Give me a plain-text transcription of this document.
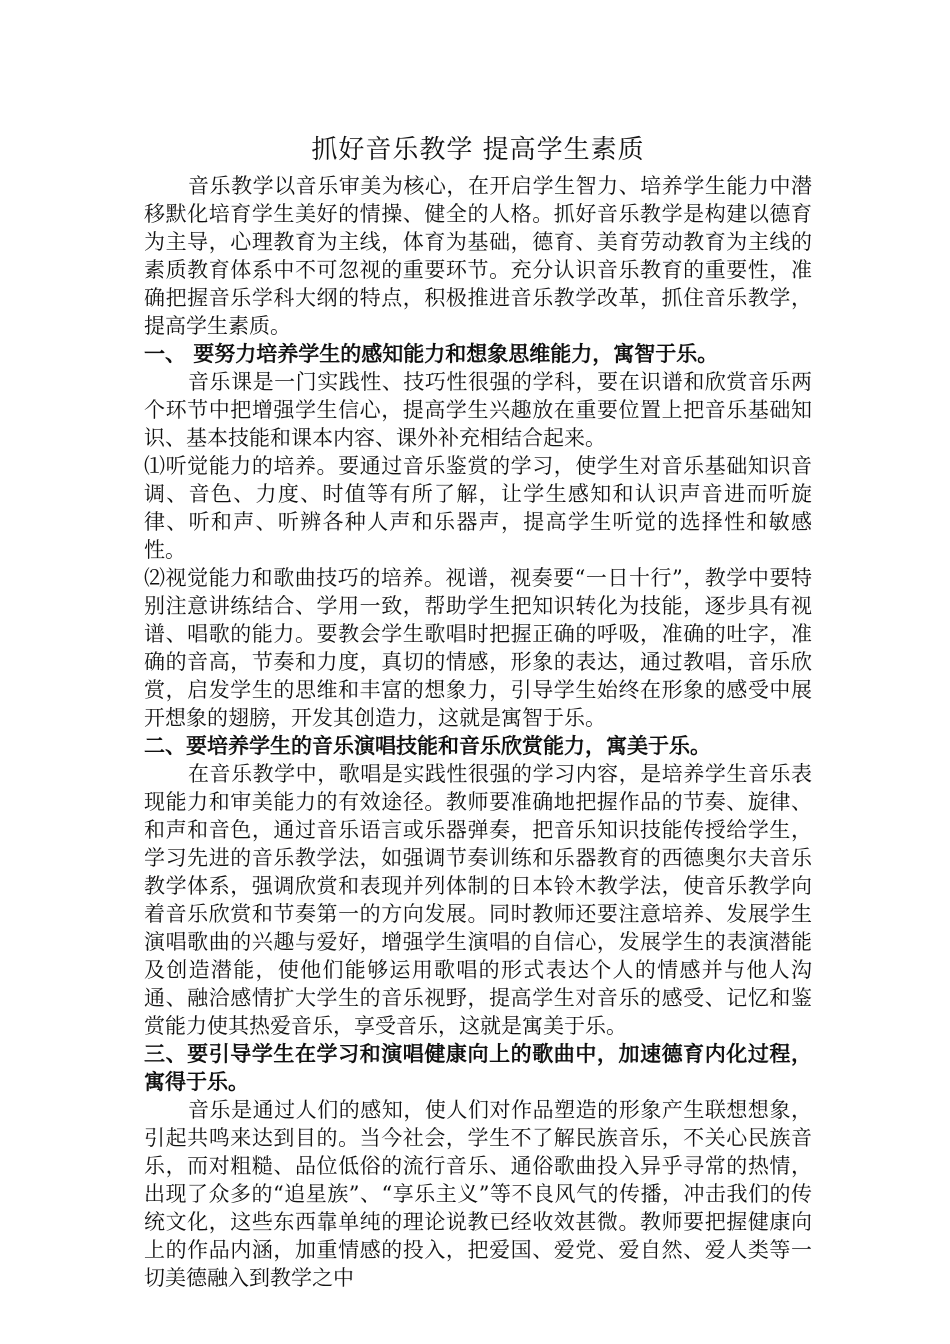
抓好音乐教学 提高学生素质

音乐教学以音乐审美为核心，在开启学生智力、培养学生能力中潜移默化培育学生美好的情操、健全的人格。抓好音乐教学是构建以德育为主导，心理教育为主线，体育为基础，德育、美育劳动教育为主线的素质教育体系中不可忽视的重要环节。充分认识音乐教育的重要性，准确把握音乐学科大纲的特点，积极推进音乐教学改革，抓住音乐教学，提高学生素质。

一、 要努力培养学生的感知能力和想象思维能力，寓智于乐。

音乐课是一门实践性、技巧性很强的学科，要在识谱和欣赏音乐两个环节中把增强学生信心，提高学生兴趣放在重要位置上把音乐基础知识、基本技能和课本内容、课外补充相结合起来。

⑴听觉能力的培养。要通过音乐鉴赏的学习，使学生对音乐基础知识音调、音色、力度、时值等有所了解，让学生感知和认识声音进而听旋律、听和声、听辨各种人声和乐器声，提高学生听觉的选择性和敏感性。

⑵视觉能力和歌曲技巧的培养。视谱，视奏要“一日十行”，教学中要特别注意讲练结合、学用一致，帮助学生把知识转化为技能，逐步具有视谱、唱歌的能力。要教会学生歌唱时把握正确的呼吸，准确的吐字，准确的音高，节奏和力度，真切的情感，形象的表达，通过教唱，音乐欣赏，启发学生的思维和丰富的想象力，引导学生始终在形象的感受中展开想象的翅膀，开发其创造力，这就是寓智于乐。

二、要培养学生的音乐演唱技能和音乐欣赏能力，寓美于乐。

在音乐教学中，歌唱是实践性很强的学习内容，是培养学生音乐表现能力和审美能力的有效途径。教师要准确地把握作品的节奏、旋律、和声和音色，通过音乐语言或乐器弹奏，把音乐知识技能传授给学生，学习先进的音乐教学法，如强调节奏训练和乐器教育的西德奥尔夫音乐教学体系，强调欣赏和表现并列体制的日本铃木教学法，使音乐教学向着音乐欣赏和节奏第一的方向发展。同时教师还要注意培养、发展学生演唱歌曲的兴趣与爱好，增强学生演唱的自信心，发展学生的表演潜能及创造潜能，使他们能够运用歌唱的形式表达个人的情感并与他人沟通、融洽感情扩大学生的音乐视野，提高学生对音乐的感受、记忆和鉴赏能力使其热爱音乐，享受音乐，这就是寓美于乐。

三、要引导学生在学习和演唱健康向上的歌曲中，加速德育内化过程，寓得于乐。

音乐是通过人们的感知，使人们对作品塑造的形象产生联想想象，引起共鸣来达到目的。当今社会，学生不了解民族音乐，不关心民族音乐，而对粗糙、品位低俗的流行音乐、通俗歌曲投入异乎寻常的热情，出现了众多的“追星族”、“享乐主义”等不良风气的传播，冲击我们的传统文化，这些东西靠单纯的理论说教已经收效甚微。教师要把握健康向上的作品内涵，加重情感的投入，把爱国、爱党、爱自然、爱人类等一切美德融入到教学之中
